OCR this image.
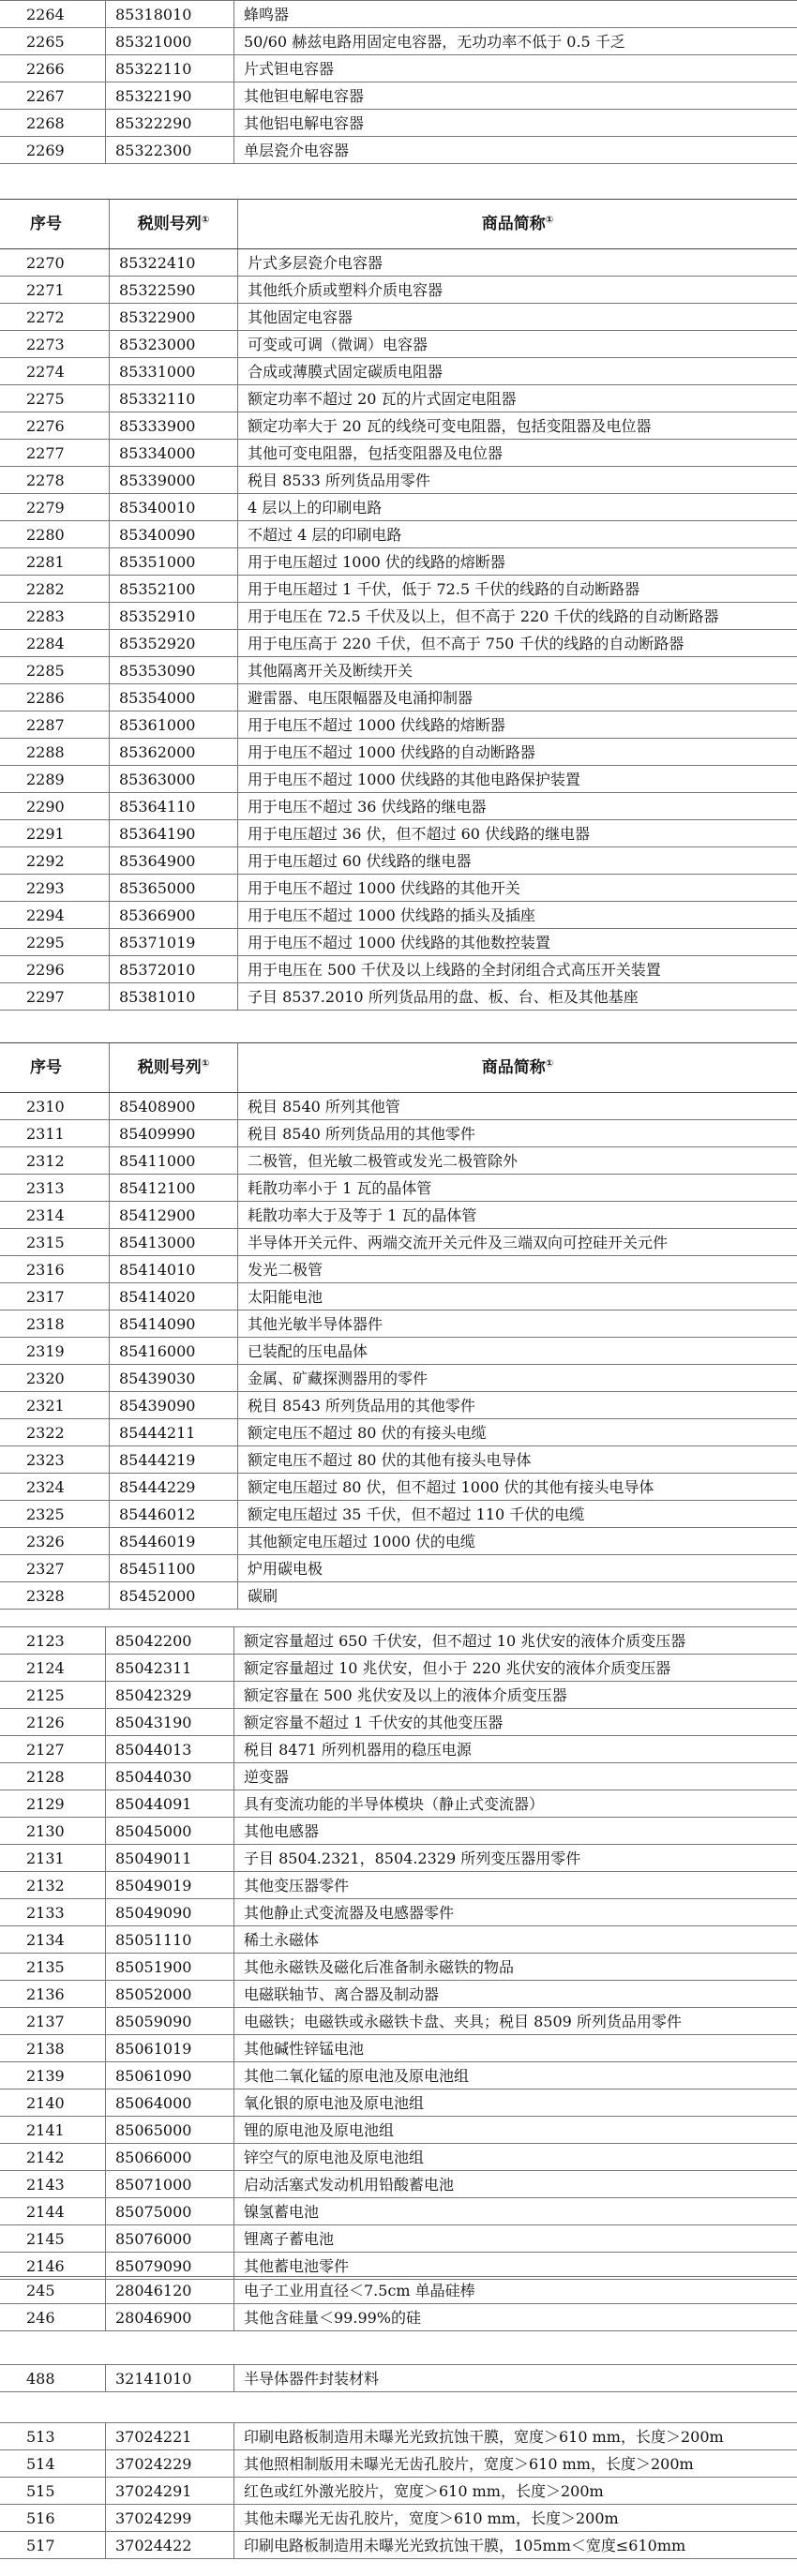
2264	85318010	蜂鸣器
2265	85321000	50/60 赫兹电路用固定电容器，无功功率不低于 0.5 千乏
2266	85322110	片式钽电容器
2267	85322190	其他钽电解电容器
2268	85322290	其他铝电解电容器
2269	85322300	单层瓷介电容器
序号	税则号列①	商品简称①
2270	85322410	片式多层瓷介电容器
2271	85322590	其他纸介质或塑料介质电容器
2272	85322900	其他固定电容器
2273	85323000	可变或可调（微调）电容器
2274	85331000	合成或薄膜式固定碳质电阻器
2275	85332110	额定功率不超过 20 瓦的片式固定电阻器
2276	85333900	额定功率大于 20 瓦的线绕可变电阻器，包括变阻器及电位器
2277	85334000	其他可变电阻器，包括变阻器及电位器
2278	85339000	税目 8533 所列货品用零件
2279	85340010	4 层以上的印刷电路
2280	85340090	不超过 4 层的印刷电路
2281	85351000	用于电压超过 1000 伏的线路的熔断器
2282	85352100	用于电压超过 1 千伏，低于 72.5 千伏的线路的自动断路器
2283	85352910	用于电压在 72.5 千伏及以上，但不高于 220 千伏的线路的自动断路器
2284	85352920	用于电压高于 220 千伏，但不高于 750 千伏的线路的自动断路器
2285	85353090	其他隔离开关及断续开关
2286	85354000	避雷器、电压限幅器及电涌抑制器
2287	85361000	用于电压不超过 1000 伏线路的熔断器
2288	85362000	用于电压不超过 1000 伏线路的自动断路器
2289	85363000	用于电压不超过 1000 伏线路的其他电路保护装置
2290	85364110	用于电压不超过 36 伏线路的继电器
2291	85364190	用于电压超过 36 伏，但不超过 60 伏线路的继电器
2292	85364900	用于电压超过 60 伏线路的继电器
2293	85365000	用于电压不超过 1000 伏线路的其他开关
2294	85366900	用于电压不超过 1000 伏线路的插头及插座
2295	85371019	用于电压不超过 1000 伏线路的其他数控装置
2296	85372010	用于电压在 500 千伏及以上线路的全封闭组合式高压开关装置
2297	85381010	子目 8537.2010 所列货品用的盘、板、台、柜及其他基座
序号	税则号列①	商品简称①
2310	85408900	税目 8540 所列其他管
2311	85409990	税目 8540 所列货品用的其他零件
2312	85411000	二极管，但光敏二极管或发光二极管除外
2313	85412100	耗散功率小于 1 瓦的晶体管
2314	85412900	耗散功率大于及等于 1 瓦的晶体管
2315	85413000	半导体开关元件、两端交流开关元件及三端双向可控硅开关元件
2316	85414010	发光二极管
2317	85414020	太阳能电池
2318	85414090	其他光敏半导体器件
2319	85416000	已装配的压电晶体
2320	85439030	金属、矿藏探测器用的零件
2321	85439090	税目 8543 所列货品用的其他零件
2322	85444211	额定电压不超过 80 伏的有接头电缆
2323	85444219	额定电压不超过 80 伏的其他有接头电导体
2324	85444229	额定电压超过 80 伏，但不超过 1000 伏的其他有接头电导体
2325	85446012	额定电压超过 35 千伏，但不超过 110 千伏的电缆
2326	85446019	其他额定电压超过 1000 伏的电缆
2327	85451100	炉用碳电极
2328	85452000	碳刷
2123	85042200	额定容量超过 650 千伏安，但不超过 10 兆伏安的液体介质变压器
2124	85042311	额定容量超过 10 兆伏安，但小于 220 兆伏安的液体介质变压器
2125	85042329	额定容量在 500 兆伏安及以上的液体介质变压器
2126	85043190	额定容量不超过 1 千伏安的其他变压器
2127	85044013	税目 8471 所列机器用的稳压电源
2128	85044030	逆变器
2129	85044091	具有变流功能的半导体模块（静止式变流器）
2130	85045000	其他电感器
2131	85049011	子目 8504.2321，8504.2329 所列变压器用零件
2132	85049019	其他变压器零件
2133	85049090	其他静止式变流器及电感器零件
2134	85051110	稀土永磁体
2135	85051900	其他永磁铁及磁化后准备制永磁铁的物品
2136	85052000	电磁联轴节、离合器及制动器
2137	85059090	电磁铁；电磁铁或永磁铁卡盘、夹具；税目 8509 所列货品用零件
2138	85061019	其他碱性锌锰电池
2139	85061090	其他二氧化锰的原电池及原电池组
2140	85064000	氧化银的原电池及原电池组
2141	85065000	锂的原电池及原电池组
2142	85066000	锌空气的原电池及原电池组
2143	85071000	启动活塞式发动机用铅酸蓄电池
2144	85075000	镍氢蓄电池
2145	85076000	锂离子蓄电池
2146	85079090	其他蓄电池零件
245	28046120	电子工业用直径＜7.5cm 单晶硅棒
246	28046900	其他含硅量＜99.99%的硅
488	32141010	半导体器件封装材料
513	37024221	印刷电路板制造用未曝光光致抗蚀干膜，宽度＞610 mm，长度＞200m
514	37024229	其他照相制版用未曝光无齿孔胶片，宽度＞610 mm，长度＞200m
515	37024291	红色或红外激光胶片，宽度＞610 mm，长度＞200m
516	37024299	其他未曝光无齿孔胶片，宽度＞610 mm，长度＞200m
517	37024422	印刷电路板制造用未曝光光致抗蚀干膜，105mm＜宽度≤610mm
